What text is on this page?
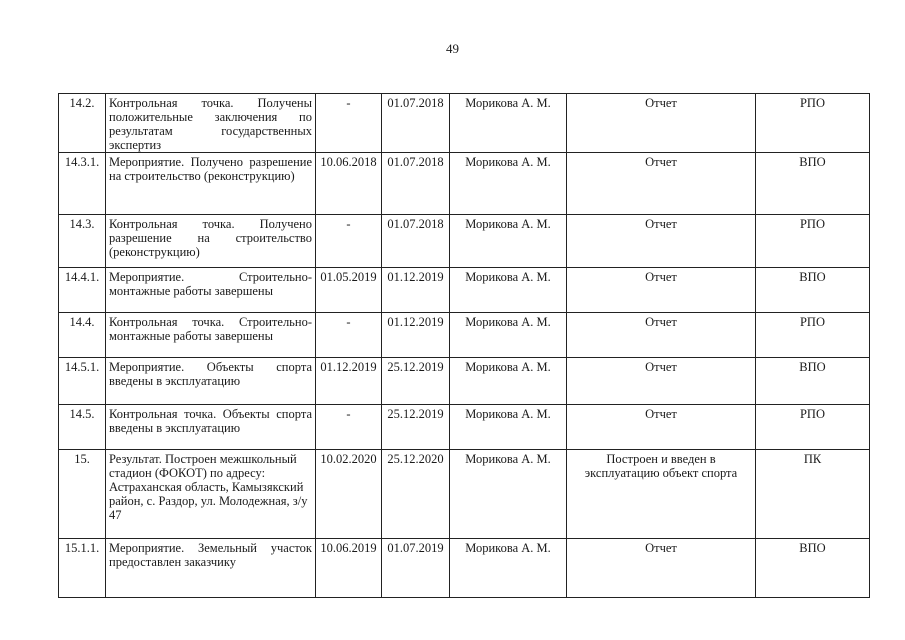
49
14.2.	Контрольная точка. Получены положительные заключения по результатам государственных экспертиз	-	01.07.2018	Морикова А. М.	Отчет	РПО
14.3.1.	Мероприятие. Получено разрешение на строительство (реконструкцию)	10.06.2018	01.07.2018	Морикова А. М.	Отчет	ВПО
14.3.	Контрольная точка. Получено разрешение на строительство (реконструкцию)	-	01.07.2018	Морикова А. М.	Отчет	РПО
14.4.1.	Мероприятие. Строительно-монтажные работы завершены	01.05.2019	01.12.2019	Морикова А. М.	Отчет	ВПО
14.4.	Контрольная точка. Строительно-монтажные работы завершены	-	01.12.2019	Морикова А. М.	Отчет	РПО
14.5.1.	Мероприятие. Объекты спорта введены в эксплуатацию	01.12.2019	25.12.2019	Морикова А. М.	Отчет	ВПО
14.5.	Контрольная точка. Объекты спорта введены в эксплуатацию	-	25.12.2019	Морикова А. М.	Отчет	РПО
15.	Результат. Построен межшкольный стадион (ФОКОТ) по адресу: Астраханская область, Камызякский район, с. Раздор, ул. Молодежная, з/у 47	10.02.2020	25.12.2020	Морикова А. М.	Построен и введен в эксплуатацию объект спорта	ПК
15.1.1.	Мероприятие. Земельный участок предоставлен заказчику	10.06.2019	01.07.2019	Морикова А. М.	Отчет	ВПО
